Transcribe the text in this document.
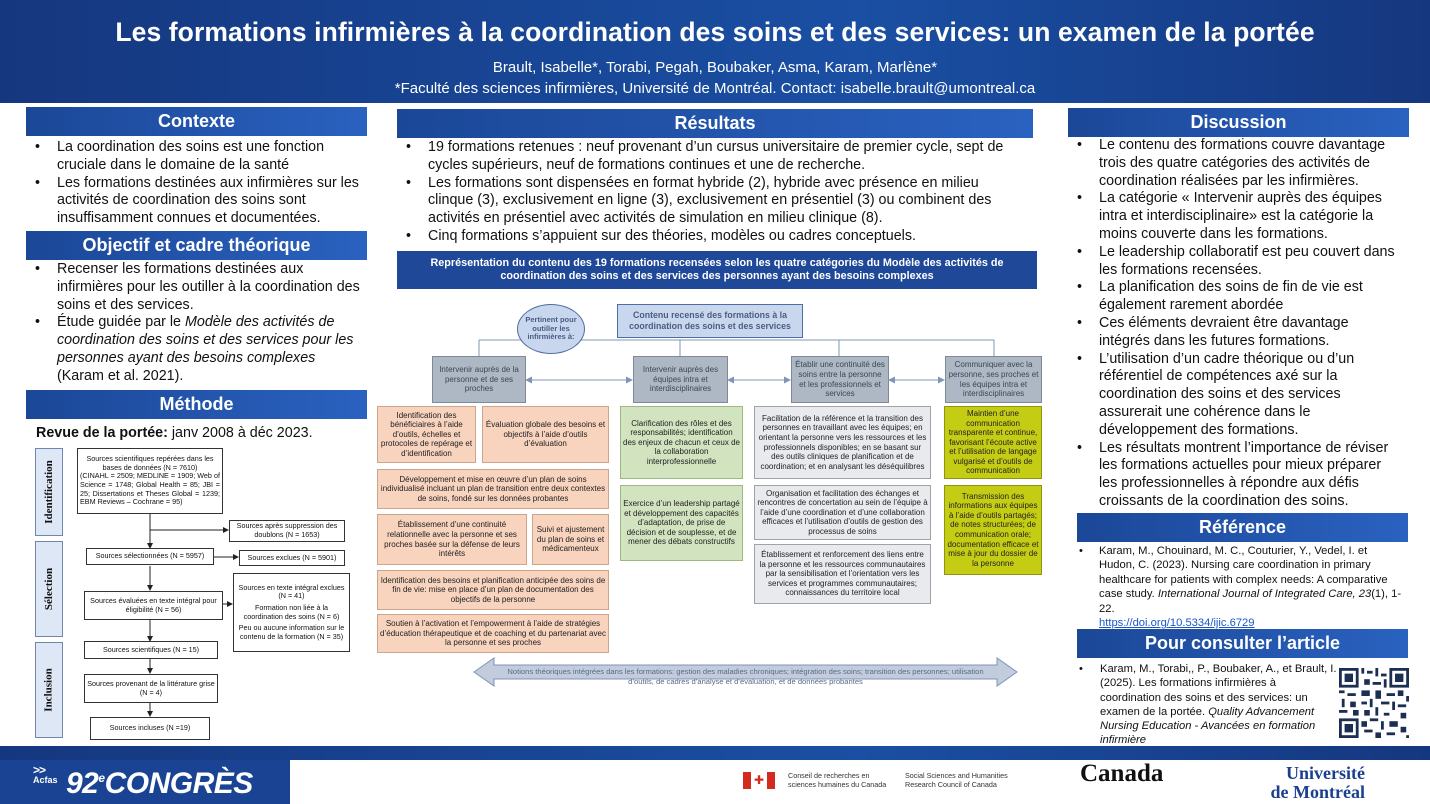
Les formations infirmières à la coordination des soins et des services: un examen de la portée
Brault, Isabelle*, Torabi, Pegah, Boubaker, Asma, Karam, Marlène*
*Faculté des sciences infirmières, Université de Montréal. Contact: isabelle.brault@umontreal.ca
Contexte
• La coordination des soins est une fonction cruciale dans le domaine de la santé
• Les formations destinées aux infirmières sur les activités de coordination des soins sont insuffisamment connues et documentées.
Objectif et cadre théorique
• Recenser les formations destinées aux infirmières pour les outiller à la coordination des soins et des services.
• Étude guidée par le Modèle des activités de coordination des soins et des services pour les personnes ayant des besoins complexes (Karam et al. 2021).
Méthode
Revue de la portée: janv 2008 à déc 2023.
Identification
Sélection
Inclusion
Sources scientifiques repérées dans les bases de données (N = 7610)
(CINAHL = 2509; MEDLINE = 1909; Web of Science = 1748; Global Health = 85; JBI = 25; Dissertations et Theses Global = 1239; EBM Reviews – Cochrane = 95)
Sources après suppression des doublons (N = 1653)
Sources sélectionnées (N = 5957)	Sources exclues (N = 5901)
Sources évaluées en texte intégral pour éligibilité (N = 56)
Sources en texte intégral exclues (N = 41)
Formation non liée à la coordination des soins (N = 6)
Peu ou aucune information sur le contenu de la formation (N = 35)
Sources scientifiques (N = 15)
Sources provenant de la littérature grise (N = 4)
Sources incluses (N =19)
Résultats
• 19 formations retenues : neuf provenant d’un cursus universitaire de premier cycle, sept de cycles supérieurs, neuf de formations continues et une de recherche.
• Les formations sont dispensées en format hybride (2), hybride avec présence en milieu clinque (3), exclusivement en ligne (3), exclusivement en présentiel (3) ou combinent des activités en présentiel avec activités de simulation en milieu clinique (8).
• Cinq formations s’appuient sur des théories, modèles ou cadres conceptuels.
Représentation du contenu des 19 formations recensées selon les quatre catégories du Modèle des activités de coordination des soins et des services des personnes ayant des besoins complexes
Pertinent pour outiller les infirmières à:
Contenu recensé des formations à la coordination des soins et des services
Intervenir auprès de la personne et de ses proches
Intervenir auprès des équipes intra et interdisciplinaires
Établir une continuité des soins entre la personne et les professionnels et services
Communiquer avec la personne, ses proches et les équipes intra et interdisciplinaires
Identification des bénéficiaires à l’aide d’outils, échelles et protocoles de repérage et d’identification
Évaluation globale des besoins et objectifs à l’aide d’outils d’évaluation
Développement et mise en œuvre d’un plan de soins individualisé incluant un plan de transition entre deux contextes de soins, fondé sur les données probantes
Établissement d’une continuité relationnelle avec la personne et ses proches basée sur la défense de leurs intérêts
Suivi et ajustement du plan de soins et médicamenteux
Identification des besoins et planification anticipée des soins de fin de vie: mise en place d’un plan de documentation des objectifs de la personne
Soutien à l’activation et l’empowerment à l’aide de stratégies d’éducation thérapeutique et de coaching et du partenariat avec la personne et ses proches
Clarification des rôles et des responsabilités; identification des enjeux de chacun et ceux de la collaboration interprofessionnelle
Exercice d’un leadership partagé et développement des capacités d’adaptation, de prise de décision et de souplesse, et de mener des débats constructifs
Facilitation de la référence et la transition des personnes en travaillant avec les équipes; en orientant la personne vers les ressources et les professionnels disponibles; en se basant sur des outils cliniques de planification et de coordination; et en analysant les déséquilibres
Organisation et facilitation des échanges et rencontres de concertation au sein de l’équipe à l’aide d’une coordination et d’une collaboration efficaces et l’utilisation d’outils de gestion des processus de soins
Établissement et renforcement des liens entre la personne et les ressources communautaires par la sensibilisation et l’orientation vers les services et programmes communautaires; connaissances du territoire local
Maintien d’une communication transparente et continue, favorisant l’écoute active et l’utilisation de langage vulgarisé et d’outils de communication
Transmission des informations aux équipes à l’aide d’outils partagés; de notes structurées; de communication orale; documentation efficace et mise à jour du dossier de la personne
Notions théoriques intégrées dans les formations: gestion des maladies chroniques; intégration des soins; transition des personnes; utilisation d’outils, de cadres d’analyse et d’évaluation, et de données probantes
Discussion
• Le contenu des formations couvre davantage trois des quatre catégories des activités de coordination réalisées par les infirmières.
• La catégorie « Intervenir auprès des équipes intra et interdisciplinaire» est la catégorie la moins couverte dans les formations.
• Le leadership collaboratif est peu couvert dans les formations recensées.
• La planification des soins de fin de vie est également rarement abordée
• Ces éléments devraient être davantage intégrés dans les futures formations.
• L’utilisation d’un cadre théorique ou d’un référentiel de compétences axé sur la coordination des soins et des services assurerait une cohérence dans le développement des formations.
• Les résultats montrent l’importance de réviser les formations actuelles pour mieux préparer les professionnelles à répondre aux défis croissants de la coordination des soins.
Référence
• Karam, M., Chouinard, M. C., Couturier, Y., Vedel, I. et Hudon, C. (2023). Nursing care coordination in primary healthcare for patients with complex needs: A comparative case study. International Journal of Integrated Care, 23(1), 1-22.
https://doi.org/10.5334/ijic.6729
Pour consulter l’article
• Karam, M., Torabi,, P., Boubaker, A., et Brault, I.(2025). Les formations infirmières à coordination des soins et des services: un examen de la portée. Quality Advancement Nursing Education - Avancées en formation infirmière
>>
Acfas 92eCONGRÈS	✚	Conseil de recherches en sciences humaines du Canada
Social Sciences and Humanities Research Council of Canada	Canada	Université
de Montréal
